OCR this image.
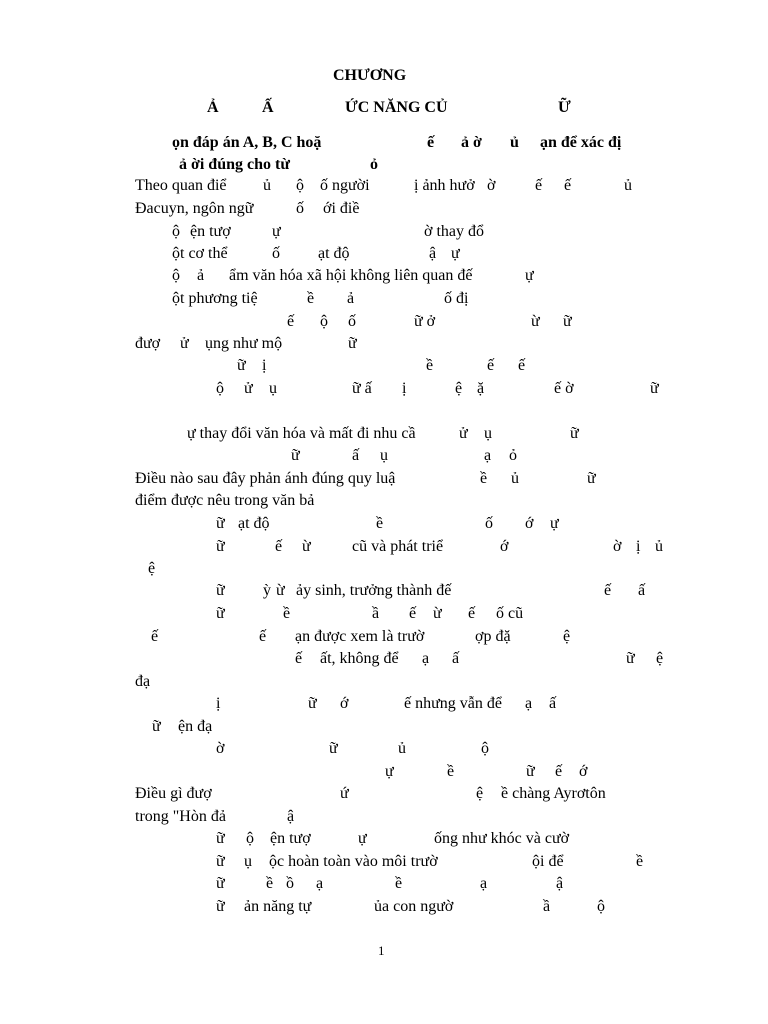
CHƯƠNG
Ả	Ấ	ỨC NĂNG CỦ	Ữ
ọn đáp án A, B, C hoặ	ế ả ờ ủ ạn để xác đị
ả ời đúng cho từ	ỏ
Theo quan điể ủ ộ ố người	ị ảnh hưở ờ ế ế	ủ
Đacuyn, ngôn ngữ	ố ới điề
ộ ện tượ	ự	ờ thay đổ
ột cơ thể	ố ạt độ	ậ ự
ộ ả ẩm văn hóa xã hội không liên quan đế	ự
ột phương tiệ	ề ả	ố đị
ế ộ ố	ữ ở	ừ ữ
đượ ử ụng như mộ	ữ
ữ ị	ề	ế ế
ộ ử ụ	ữ ấ ị	ệ ặ	ế ờ	ữ
ự thay đổi văn hóa và mất đi nhu cầ	ử ụ	ữ
ữ	ấ ụ	ạ ỏ
Điều nào sau đây phản ánh đúng quy luậ	ề ủ	ữ
điểm được nêu trong văn bả
ữ ạt độ	ề	ố ớ ự
ữ	ế ừ	cũ và phát triể	ớ	ờ ị ủ
ệ
ữ ỳ ừ ảy sinh, trưởng thành đế	ế ấ
ữ	ề	ầ ế ừ ế ố cũ
ế	ế ạn được xem là trườ	ợp đặ	ệ
ế ất, không để ạ ấ	ữ ệ
đạ
ị	ữ ớ	ế nhưng vẫn để ạ ấ
ữ ện đạ
ờ	ữ	ủ	ộ
ự	ề	ữ ế ớ
Điều gì đượ	ứ	ệ ề chàng Ayrơtôn
trong "Hòn đả	ậ
ữ ộ ện tượ	ự	ống như khóc và cườ
ữ ụ ộc hoàn toàn vào môi trườ	ội để	ề
ữ	ề ồ ạ	ề	ạ	ậ
ữ ản năng tự	ủa con ngườ	ầ	ộ
1
